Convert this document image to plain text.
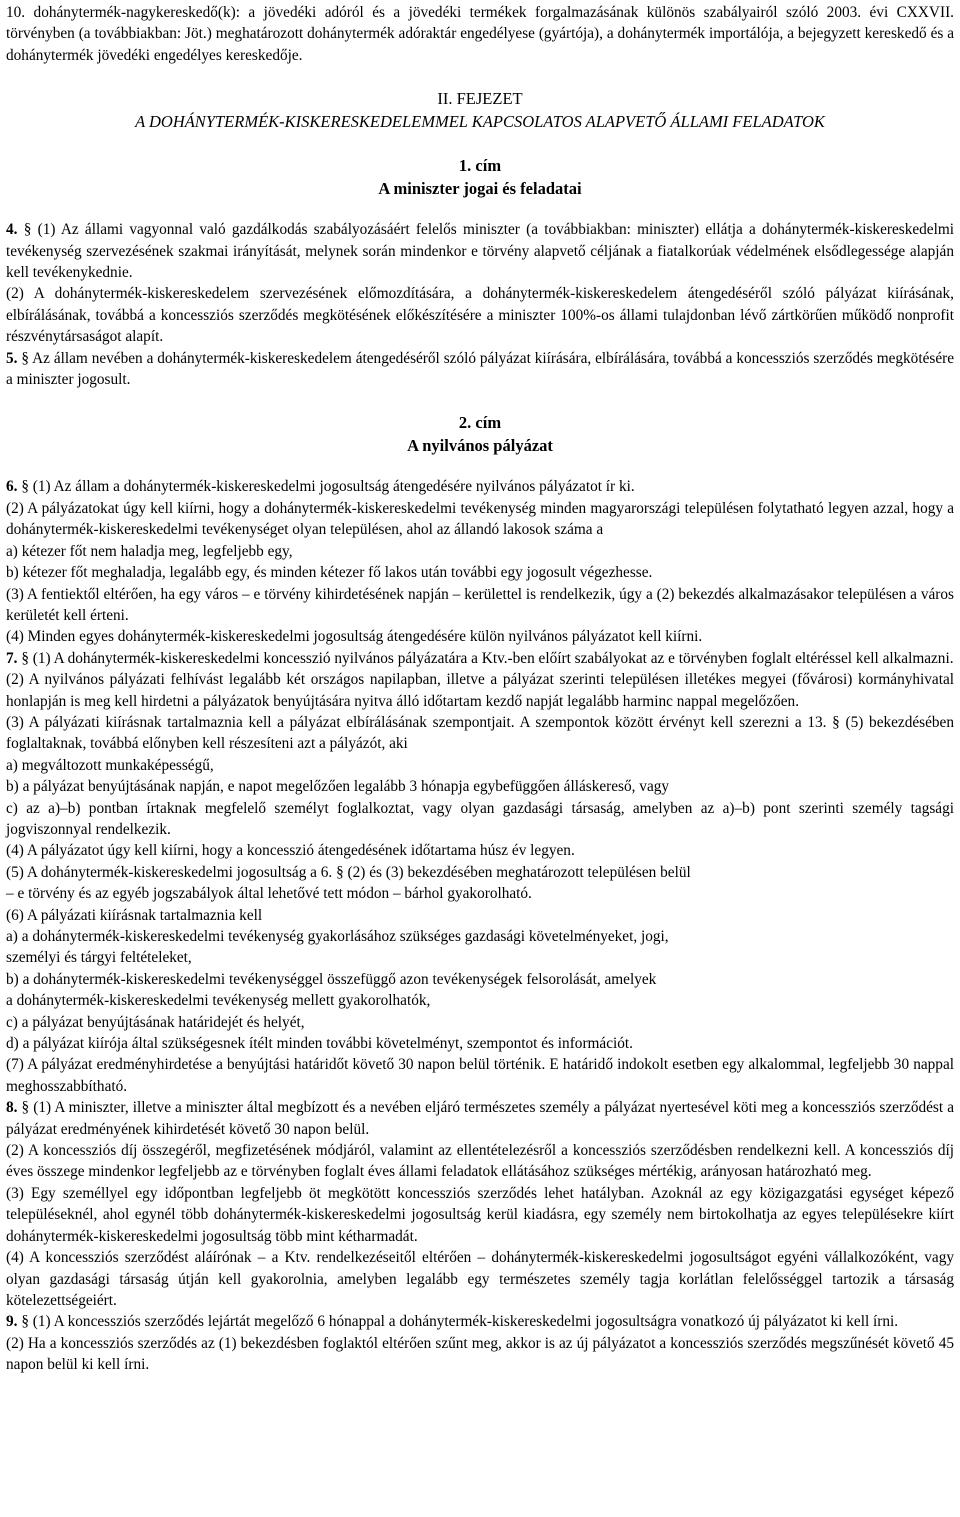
10. dohánytermék-nagykereskedő(k): a jövedéki adóról és a jövedéki termékek forgalmazásának különös szabályairól szóló 2003. évi CXXVII. törvényben (a továbbiakban: Jöt.) meghatározott dohánytermék adóraktár engedélyese (gyártója), a dohánytermék importálója, a bejegyzett kereskedő és a dohánytermék jövedéki engedélyes kereskedője.

II. FEJEZET

A DOHÁNYTERMÉK-KISKERESKEDELEMMEL KAPCSOLATOS ALAPVETŐ ÁLLAMI FELADATOK

1. cím

A miniszter jogai és feladatai

4. § (1) Az állami vagyonnal való gazdálkodás szabályozásáért felelős miniszter (a továbbiakban: miniszter) ellátja a dohánytermék-kiskereskedelmi tevékenység szervezésének szakmai irányítását, melynek során mindenkor e törvény alapvető céljának a fiatalkorúak védelmének elsődlegessége alapján kell tevékenykednie.

(2) A dohánytermék-kiskereskedelem szervezésének előmozdítására, a dohánytermék-kiskereskedelem átengedéséről szóló pályázat kiírásának, elbírálásának, továbbá a koncessziós szerződés megkötésének előkészítésére a miniszter 100%-os állami tulajdonban lévő zártkörűen működő nonprofit részvénytársaságot alapít.

5. § Az állam nevében a dohánytermék-kiskereskedelem átengedéséről szóló pályázat kiírására, elbírálására, továbbá a koncessziós szerződés megkötésére a miniszter jogosult.

2. cím

A nyilvános pályázat

6. § (1) Az állam a dohánytermék-kiskereskedelmi jogosultság átengedésére nyilvános pályázatot ír ki.

(2) A pályázatokat úgy kell kiírni, hogy a dohánytermék-kiskereskedelmi tevékenység minden magyarországi településen folytatható legyen azzal, hogy a dohánytermék-kiskereskedelmi tevékenységet olyan településen, ahol az állandó lakosok száma a

a) kétezer főt nem haladja meg, legfeljebb egy,

b) kétezer főt meghaladja, legalább egy, és minden kétezer fő lakos után további egy jogosult végezhesse.

(3) A fentiektől eltérően, ha egy város – e törvény kihirdetésének napján – kerülettel is rendelkezik, úgy a (2) bekezdés alkalmazásakor településen a város kerületét kell érteni.

(4) Minden egyes dohánytermék-kiskereskedelmi jogosultság átengedésére külön nyilvános pályázatot kell kiírni.

7. § (1) A dohánytermék-kiskereskedelmi koncesszió nyilvános pályázatára a Ktv.-ben előírt szabályokat az e törvényben foglalt eltéréssel kell alkalmazni.

(2) A nyilvános pályázati felhívást legalább két országos napilapban, illetve a pályázat szerinti településen illetékes megyei (fővárosi) kormányhivatal honlapján is meg kell hirdetni a pályázatok benyújtására nyitva álló időtartam kezdő napját legalább harminc nappal megelőzően.

(3) A pályázati kiírásnak tartalmaznia kell a pályázat elbírálásának szempontjait. A szempontok között érvényt kell szerezni a 13. § (5) bekezdésében foglaltaknak, továbbá előnyben kell részesíteni azt a pályázót, aki

a) megváltozott munkaképességű,

b) a pályázat benyújtásának napján, e napot megelőzően legalább 3 hónapja egybefüggően álláskereső, vagy

c) az a)–b) pontban írtaknak megfelelő személyt foglalkoztat, vagy olyan gazdasági társaság, amelyben az a)–b) pont szerinti személy tagsági jogviszonnyal rendelkezik.

(4) A pályázatot úgy kell kiírni, hogy a koncesszió átengedésének időtartama húsz év legyen.

(5) A dohánytermék-kiskereskedelmi jogosultság a 6. § (2) és (3) bekezdésében meghatározott településen belül

– e törvény és az egyéb jogszabályok által lehetővé tett módon – bárhol gyakorolható.

(6) A pályázati kiírásnak tartalmaznia kell

a) a dohánytermék-kiskereskedelmi tevékenység gyakorlásához szükséges gazdasági követelményeket, jogi,

személyi és tárgyi feltételeket,

b) a dohánytermék-kiskereskedelmi tevékenységgel összefüggő azon tevékenységek felsorolását, amelyek

a dohánytermék-kiskereskedelmi tevékenység mellett gyakorolhatók,

c) a pályázat benyújtásának határidejét és helyét,

d) a pályázat kiírója által szükségesnek ítélt minden további követelményt, szempontot és információt.

(7) A pályázat eredményhirdetése a benyújtási határidőt követő 30 napon belül történik. E határidő indokolt esetben egy alkalommal, legfeljebb 30 nappal meghosszabbítható.

8. § (1) A miniszter, illetve a miniszter által megbízott és a nevében eljáró természetes személy a pályázat nyertesével köti meg a koncessziós szerződést a pályázat eredményének kihirdetését követő 30 napon belül.

(2) A koncessziós díj összegéről, megfizetésének módjáról, valamint az ellentételezésről a koncessziós szerződésben rendelkezni kell. A koncessziós díj éves összege mindenkor legfeljebb az e törvényben foglalt éves állami feladatok ellátásához szükséges mértékig, arányosan határozható meg.

(3) Egy személlyel egy időpontban legfeljebb öt megkötött koncessziós szerződés lehet hatályban. Azoknál az egy közigazgatási egységet képező településeknél, ahol egynél több dohánytermék-kiskereskedelmi jogosultság kerül kiadásra, egy személy nem birtokolhatja az egyes településekre kiírt dohánytermék-kiskereskedelmi jogosultság több mint kétharmadát.

(4) A koncessziós szerződést aláírónak – a Ktv. rendelkezéseitől eltérően – dohánytermék-kiskereskedelmi jogosultságot egyéni vállalkozóként, vagy olyan gazdasági társaság útján kell gyakorolnia, amelyben legalább egy természetes személy tagja korlátlan felelősséggel tartozik a társaság kötelezettségeiért.

9. § (1) A koncessziós szerződés lejártát megelőző 6 hónappal a dohánytermék-kiskereskedelmi jogosultságra vonatkozó új pályázatot ki kell írni.

(2) Ha a koncessziós szerződés az (1) bekezdésben foglaktól eltérően szűnt meg, akkor is az új pályázatot a koncessziós szerződés megszűnését követő 45 napon belül ki kell írni.
